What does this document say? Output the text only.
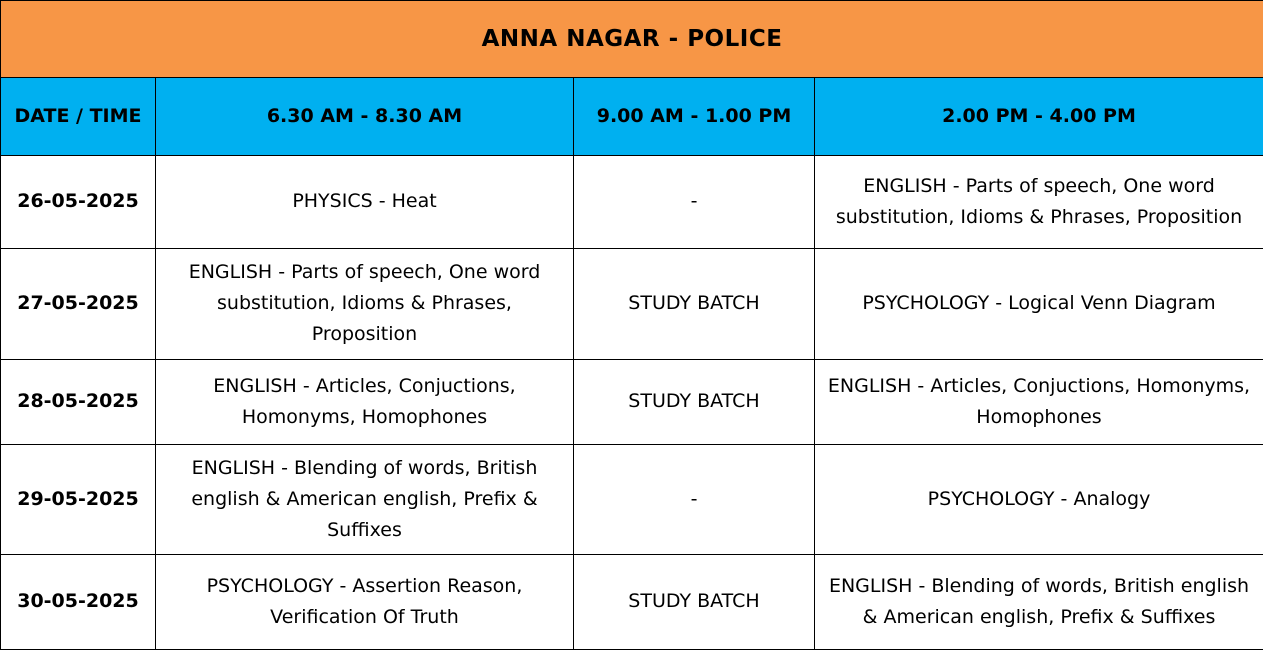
ANNA NAGAR - POLICE			
DATE / TIME	6.30 AM - 8.30 AM	9.00 AM - 1.00 PM	2.00 PM - 4.00 PM
26-05-2025	PHYSICS - Heat	-	ENGLISH - Parts of speech, One word substitution, Idioms & Phrases, Proposition
27-05-2025	ENGLISH - Parts of speech, One word substitution, Idioms & Phrases, Proposition	STUDY BATCH	PSYCHOLOGY - Logical Venn Diagram
28-05-2025	ENGLISH - Articles, Conjuctions, Homonyms, Homophones	STUDY BATCH	ENGLISH - Articles, Conjuctions, Homonyms, Homophones
29-05-2025	ENGLISH - Blending of words, British english & American english, Prefix & Suffixes	-	PSYCHOLOGY - Analogy
30-05-2025	PSYCHOLOGY - Assertion Reason, Verification Of Truth	STUDY BATCH	ENGLISH - Blending of words, British english & American english, Prefix & Suffixes
